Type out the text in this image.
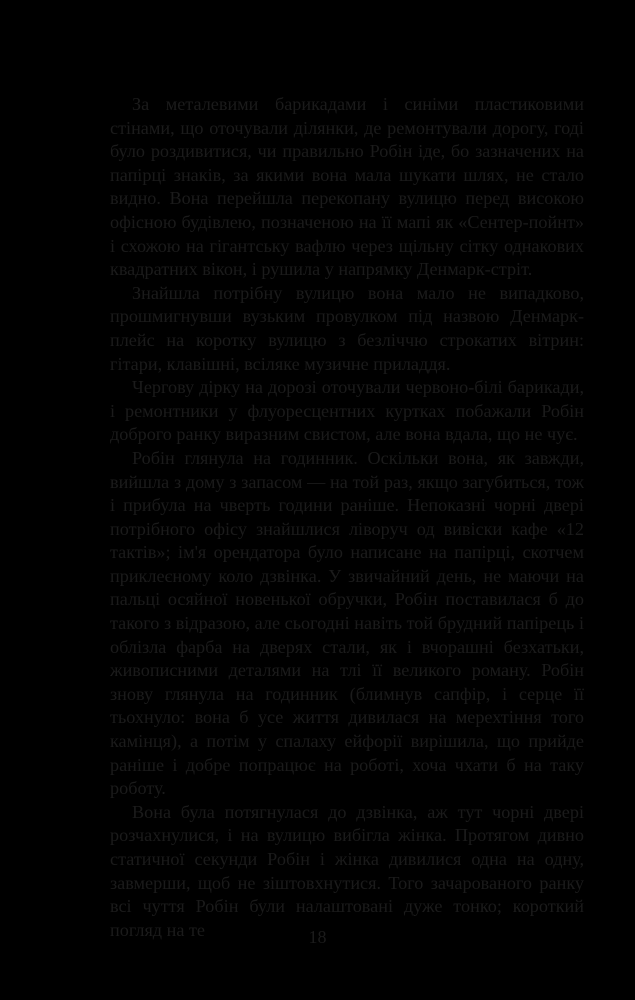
За металевими барикадами і синіми пластиковими стінами, що оточували ділянки, де ремонтували дорогу, годі було роздивитися, чи правильно Робін іде, бо зазначених на папірці знаків, за якими вона мала шукати шлях, не стало видно. Вона перейшла перекопану вулицю перед високою офісною будівлею, позначеною на її мапі як «Сентер-пойнт» і схожою на гігантську вафлю через щільну сітку однакових квадратних вікон, і рушила у напрямку Денмарк-стріт.

Знайшла потрібну вулицю вона мало не випадково, прошмигнувши вузьким провулком під назвою Денмарк-плейс на коротку вулицю з безліччю строкатих вітрин: гітари, клавішні, всіляке музичне приладдя.

Чергову дірку на дорозі оточували червоно-білі барикади, і ремонтники у флуоресцентних куртках побажали Робін доброго ранку виразним свистом, але вона вдала, що не чує.

Робін глянула на годинник. Оскільки вона, як завжди, вийшла з дому з запасом — на той раз, якщо загубиться, тож і прибула на чверть години раніше. Непоказні чорні двері потрібного офісу знайшлися ліворуч од вивіски кафе «12 тактів»; ім'я орендатора було написане на папірці, скотчем приклеєному коло дзвінка. У звичайний день, не маючи на пальці осяйної новенької обручки, Робін поставилася б до такого з відразою, але сьогодні навіть той брудний папірець і облізла фарба на дверях стали, як і вчорашні безхатьки, живописними деталями на тлі її великого роману. Робін знову глянула на годинник (блимнув сапфір, і серце її тьохнуло: вона б усе життя дивилася на мерехтіння того камінця), а потім у спалаху ейфорії вирішила, що прийде раніше і добре попрацює на роботі, хоча чхати б на таку роботу.

Вона була потягнулася до дзвінка, аж тут чорні двері розчахнулися, і на вулицю вибігла жінка. Протягом дивно статичної секунди Робін і жінка дивилися одна на одну, завмерши, щоб не зіштовхнутися. Того зачарованого ранку всі чуття Робін були налаштовані дуже тонко; короткий погляд на те	18
